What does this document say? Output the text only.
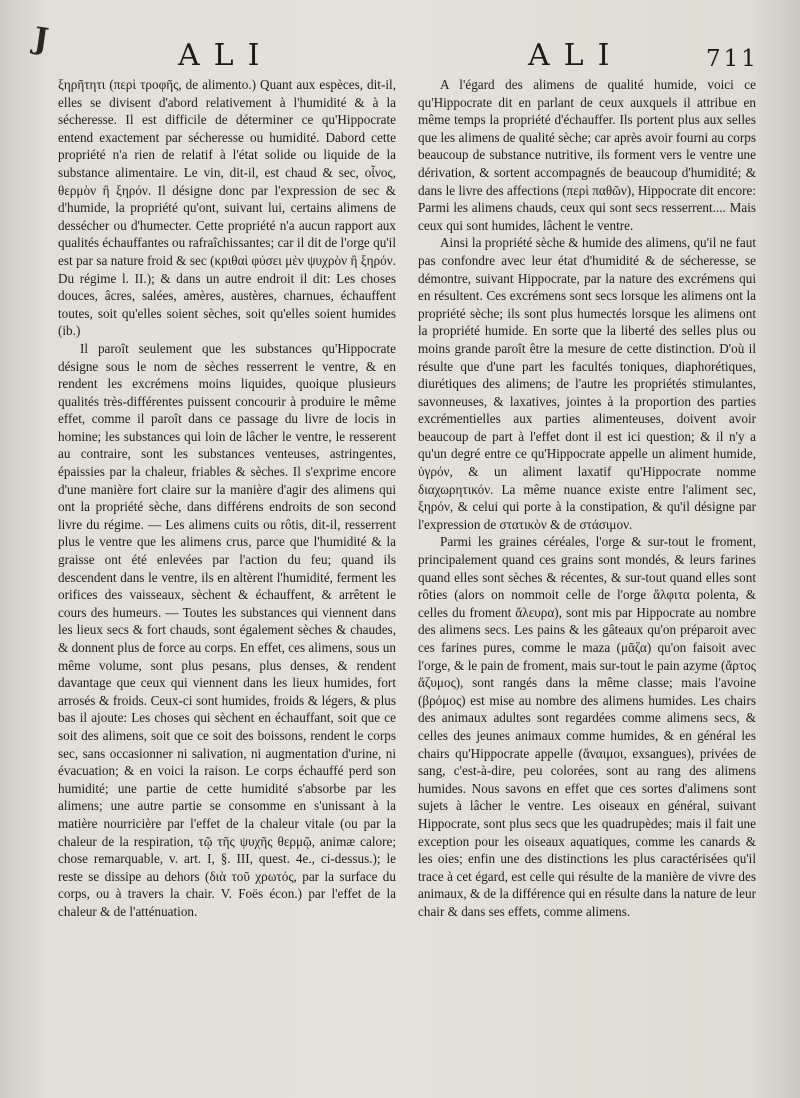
J	ALI	ALI	711

ξηρῆτητι (περὶ τροφῆς, de alimento.) Quant aux espèces, dit-il, elles se divisent d'abord relativement à l'humidité & à la sécheresse. Il est difficile de déterminer ce qu'Hippocrate entend exactement par sécheresse ou humidité. Dabord cette propriété n'a rien de relatif à l'état solide ou liquide de la substance alimentaire. Le vin, dit-il, est chaud & sec, οἶνος, θερμὸν ἢ ξηρόν. Il désigne donc par l'expression de sec & d'humide, la propriété qu'ont, suivant lui, certains alimens de dessécher ou d'humecter. Cette propriété n'a aucun rapport aux qualités échauffantes ou rafraîchissantes; car il dit de l'orge qu'il est par sa nature froid & sec (κριθαὶ φύσει μὲν ψυχρὸν ἢ ξηρόν. Du régime l. II.); & dans un autre endroit il dit: Les choses douces, âcres, salées, amères, austères, charnues, échauffent toutes, soit qu'elles soient sèches, soit qu'elles soient humides (ib.)

Il paroît seulement que les substances qu'Hippocrate désigne sous le nom de sèches resserrent le ventre, & en rendent les excrémens moins liquides, quoique plusieurs qualités très-différentes puissent concourir à produire le même effet, comme il paroît dans ce passage du livre de locis in homine; les substances qui loin de lâcher le ventre, le resserent au contraire, sont les substances venteuses, astringentes, épaissies par la chaleur, friables & sèches. Il s'exprime encore d'une manière fort claire sur la manière d'agir des alimens qui ont la propriété sèche, dans différens endroits de son second livre du régime. — Les alimens cuits ou rôtis, dit-il, resserrent plus le ventre que les alimens crus, parce que l'humidité & la graisse ont été enlevées par l'action du feu; quand ils descendent dans le ventre, ils en altèrent l'humidité, ferment les orifices des vaisseaux, sèchent & échauffent, & arrêtent le cours des humeurs. — Toutes les substances qui viennent dans les lieux secs & fort chauds, sont également sèches & chaudes, & donnent plus de force au corps. En effet, ces alimens, sous un même volume, sont plus pesans, plus denses, & rendent davantage que ceux qui viennent dans les lieux humides, fort arrosés & froids. Ceux-ci sont humides, froids & légers, & plus bas il ajoute: Les choses qui sèchent en échauffant, soit que ce soit des alimens, soit que ce soit des boissons, rendent le corps sec, sans occasionner ni salivation, ni augmentation d'urine, ni évacuation; & en voici la raison. Le corps échauffé perd son humidité; une partie de cette humidité s'absorbe par les alimens; une autre partie se consomme en s'unissant à la matière nourricière par l'effet de la chaleur vitale (ou par la chaleur de la respiration, τῷ τῆς ψυχῆς θερμῷ, animæ calore; chose remarquable, v. art. I, §. III, quest. 4e., ci-dessus.); le reste se dissipe au dehors (διὰ τοῦ χρωτός, par la surface du corps, ou à travers la chair. V. Foës écon.) par l'effet de la chaleur & de l'atténuation.

A l'égard des alimens de qualité humide, voici ce qu'Hippocrate dit en parlant de ceux auxquels il attribue en même temps la propriété d'échauffer. Ils portent plus aux selles que les alimens de qualité sèche; car après avoir fourni au corps beaucoup de substance nutritive, ils forment vers le ventre une dérivation, & sortent accompagnés de beaucoup d'humidité; & dans le livre des affections (περὶ παθῶν), Hippocrate dit encore: Parmi les alimens chauds, ceux qui sont secs resserrent.... Mais ceux qui sont humides, lâchent le ventre.

Ainsi la propriété sèche & humide des alimens, qu'il ne faut pas confondre avec leur état d'humidité & de sécheresse, se démontre, suivant Hippocrate, par la nature des excrémens qui en résultent. Ces excrémens sont secs lorsque les alimens ont la propriété sèche; ils sont plus humectés lorsque les alimens ont la propriété humide. En sorte que la liberté des selles plus ou moins grande paroît être la mesure de cette distinction. D'où il résulte que d'une part les facultés toniques, diaphorétiques, diurétiques des alimens; de l'autre les propriétés stimulantes, savonneuses, & laxatives, jointes à la proportion des parties excrémentielles aux parties alimenteuses, doivent avoir beaucoup de part à l'effet dont il est ici question; & il n'y a qu'un degré entre ce qu'Hippocrate appelle un aliment humide, ὑγρόν, & un aliment laxatif qu'Hippocrate nomme διαχωρητικόν. La même nuance existe entre l'aliment sec, ξηρόν, & celui qui porte à la constipation, & qu'il désigne par l'expression de στατικὸν & de στάσιμον.

Parmi les graines céréales, l'orge & sur-tout le froment, principalement quand ces grains sont mondés, & leurs farines quand elles sont sèches & récentes, & sur-tout quand elles sont rôties (alors on nommoit celle de l'orge ἄλφιτα polenta, & celles du froment ἄλευρα), sont mis par Hippocrate au nombre des alimens secs. Les pains & les gâteaux qu'on préparoit avec ces farines pures, comme le maza (μᾶζα) qu'on faisoit avec l'orge, & le pain de froment, mais sur-tout le pain azyme (ἄρτος ἄζυμος), sont rangés dans la même classe; mais l'avoine (βρόμος) est mise au nombre des alimens humides. Les chairs des animaux adultes sont regardées comme alimens secs, & celles des jeunes animaux comme humides, & en général les chairs qu'Hippocrate appelle (ἄναιμοι, exsangues), privées de sang, c'est-à-dire, peu colorées, sont au rang des alimens humides. Nous savons en effet que ces sortes d'alimens sont sujets à lâcher le ventre. Les oiseaux en général, suivant Hippocrate, sont plus secs que les quadrupèdes; mais il fait une exception pour les oiseaux aquatiques, comme les canards & les oies; enfin une des distinctions les plus caractérisées qu'il trace à cet égard, est celle qui résulte de la manière de vivre des animaux, & de la différence qui en résulte dans la nature de leur chair & dans ses effets, comme alimens.
